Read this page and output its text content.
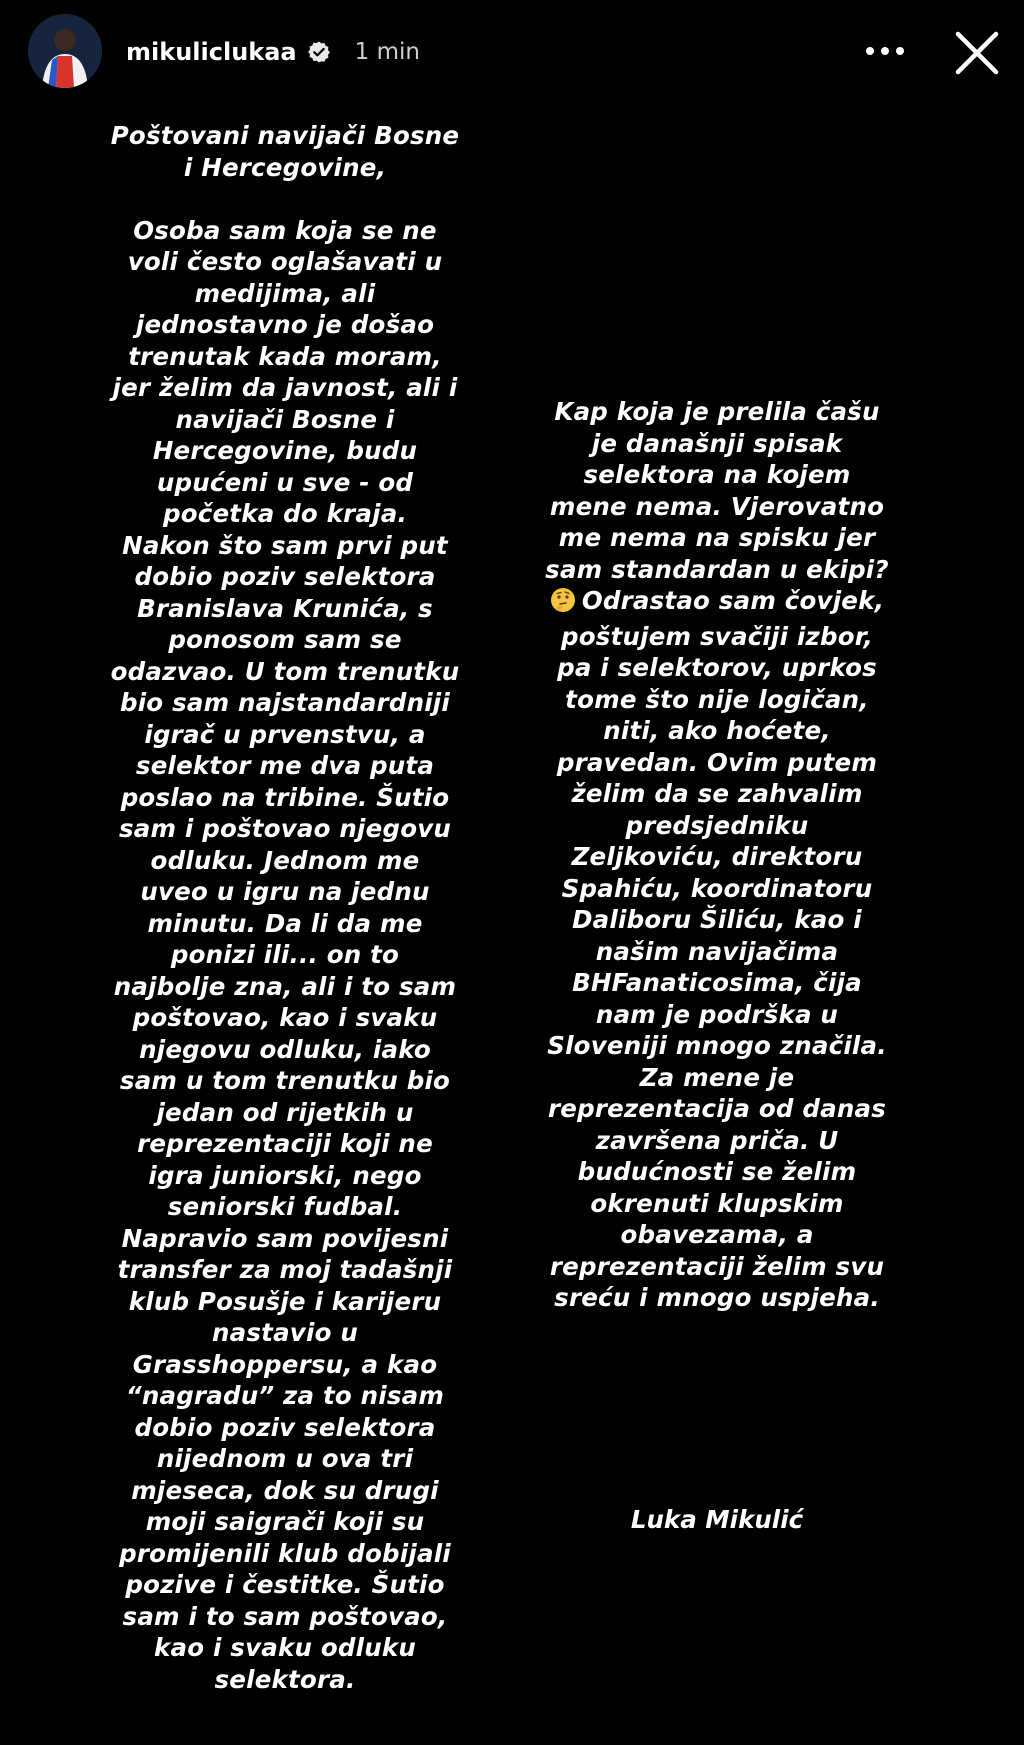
mikuliclukaa	1 min
Poštovani navijači Bosne
i Hercegovine,
Osoba sam koja se ne
voli često oglašavati u
medijima, ali
jednostavno je došao
trenutak kada moram,
jer želim da javnost, ali i
navijači Bosne i
Hercegovine, budu
upućeni u sve - od
početka do kraja.
Nakon što sam prvi put
dobio poziv selektora
Branislava Krunića, s
ponosom sam se
odazvao. U tom trenutku
bio sam najstandardniji
igrač u prvenstvu, a
selektor me dva puta
poslao na tribine. Šutio
sam i poštovao njegovu
odluku. Jednom me
uveo u igru na jednu
minutu. Da li da me
ponizi ili... on to
najbolje zna, ali i to sam
poštovao, kao i svaku
njegovu odluku, iako
sam u tom trenutku bio
jedan od rijetkih u
reprezentaciji koji ne
igra juniorski, nego
seniorski fudbal.
Napravio sam povijesni
transfer za moj tadašnji
klub Posušje i karijeru
nastavio u
Grasshoppersu, a kao
“nagradu” za to nisam
dobio poziv selektora
nijednom u ova tri
mjeseca, dok su drugi
moji saigrači koji su
promijenili klub dobijali
pozive i čestitke. Šutio
sam i to sam poštovao,
kao i svaku odluku
selektora.
Kap koja je prelila čašu
je današnji spisak
selektora na kojem
mene nema. Vjerovatno
me nema na spisku jer
sam standardan u ekipi?
Odrastao sam čovjek,
poštujem svačiji izbor,
pa i selektorov, uprkos
tome što nije logičan,
niti, ako hoćete,
pravedan. Ovim putem
želim da se zahvalim
predsjedniku
Zeljkoviću, direktoru
Spahiću, koordinatoru
Daliboru Šiliću, kao i
našim navijačima
BHFanaticosima, čija
nam je podrška u
Sloveniji mnogo značila.
Za mene je
reprezentacija od danas
završena priča. U
budućnosti se želim
okrenuti klupskim
obavezama, a
reprezentaciji želim svu
sreću i mnogo uspjeha.
Luka Mikulić
